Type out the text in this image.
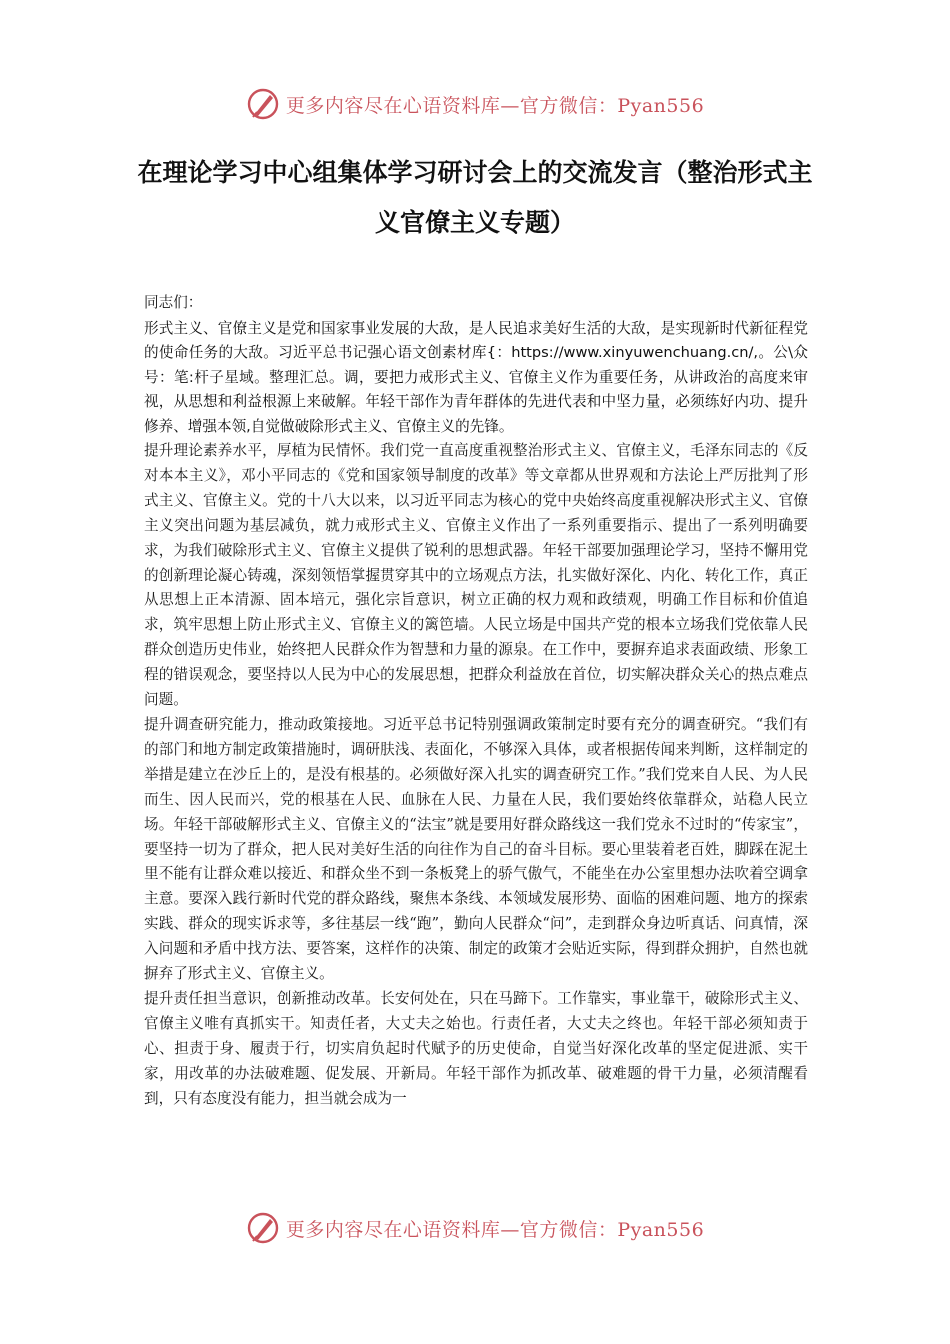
更多内容尽在心语资料库—官方微信：Pyan556
在理论学习中心组集体学习研讨会上的交流发言（整治形式主义官僚主义专题）

同志们：

形式主义、官僚主义是党和国家事业发展的大敌，是人民追求美好生活的大敌，是实现新时代新征程党的使命任务的大敌。习近平总书记强心语文创素材库{：https://www.xinyuwenchuang.cn/,。公\众号：笔:杆子星域。整理汇总。调，要把力戒形式主义、官僚主义作为重要任务，从讲政治的高度来审视，从思想和利益根源上来破解。年轻干部作为青年群体的先进代表和中坚力量，必须练好内功、提升修养、增强本领,自觉做破除形式主义、官僚主义的先锋。

提升理论素养水平，厚植为民情怀。我们党一直高度重视整治形式主义、官僚主义，毛泽东同志的《反对本本主义》，邓小平同志的《党和国家领导制度的改革》等文章都从世界观和方法论上严厉批判了形式主义、官僚主义。党的十八大以来，以习近平同志为核心的党中央始终高度重视解决形式主义、官僚主义突出问题为基层减负，就力戒形式主义、官僚主义作出了一系列重要指示、提出了一系列明确要求，为我们破除形式主义、官僚主义提供了锐利的思想武器。年轻干部要加强理论学习，坚持不懈用党的创新理论凝心铸魂，深刻领悟掌握贯穿其中的立场观点方法，扎实做好深化、内化、转化工作，真正从思想上正本清源、固本培元，强化宗旨意识，树立正确的权力观和政绩观，明确工作目标和价值追求，筑牢思想上防止形式主义、官僚主义的篱笆墙。人民立场是中国共产党的根本立场我们党依靠人民群众创造历史伟业，始终把人民群众作为智慧和力量的源泉。在工作中，要摒弃追求表面政绩、形象工程的错误观念，要坚持以人民为中心的发展思想，把群众利益放在首位，切实解决群众关心的热点难点问题。

提升调查研究能力，推动政策接地。习近平总书记特别强调政策制定时要有充分的调查研究。“我们有的部门和地方制定政策措施时，调研肤浅、表面化，不够深入具体，或者根据传闻来判断，这样制定的举措是建立在沙丘上的，是没有根基的。必须做好深入扎实的调查研究工作。”我们党来自人民、为人民而生、因人民而兴，党的根基在人民、血脉在人民、力量在人民，我们要始终依靠群众，站稳人民立场。年轻干部破解形式主义、官僚主义的“法宝”就是要用好群众路线这一我们党永不过时的“传家宝”，要坚持一切为了群众，把人民对美好生活的向往作为自己的奋斗目标。要心里装着老百姓，脚踩在泥土里不能有让群众难以接近、和群众坐不到一条板凳上的骄气傲气，不能坐在办公室里想办法吹着空调拿主意。要深入践行新时代党的群众路线，聚焦本条线、本领域发展形势、面临的困难问题、地方的探索实践、群众的现实诉求等，多往基层一线“跑”，勤向人民群众“问”，走到群众身边听真话、问真情，深入问题和矛盾中找方法、要答案，这样作的决策、制定的政策才会贴近实际，得到群众拥护，自然也就摒弃了形式主义、官僚主义。

提升责任担当意识，创新推动改革。长安何处在，只在马蹄下。工作靠实，事业靠干，破除形式主义、官僚主义唯有真抓实干。知责任者，大丈夫之始也。行责任者，大丈夫之终也。年轻干部必须知责于心、担责于身、履责于行，切实肩负起时代赋予的历史使命，自觉当好深化改革的坚定促进派、实干家，用改革的办法破难题、促发展、开新局。年轻干部作为抓改革、破难题的骨干力量，必须清醒看到，只有态度没有能力，担当就会成为一

更多内容尽在心语资料库—官方微信：Pyan556
